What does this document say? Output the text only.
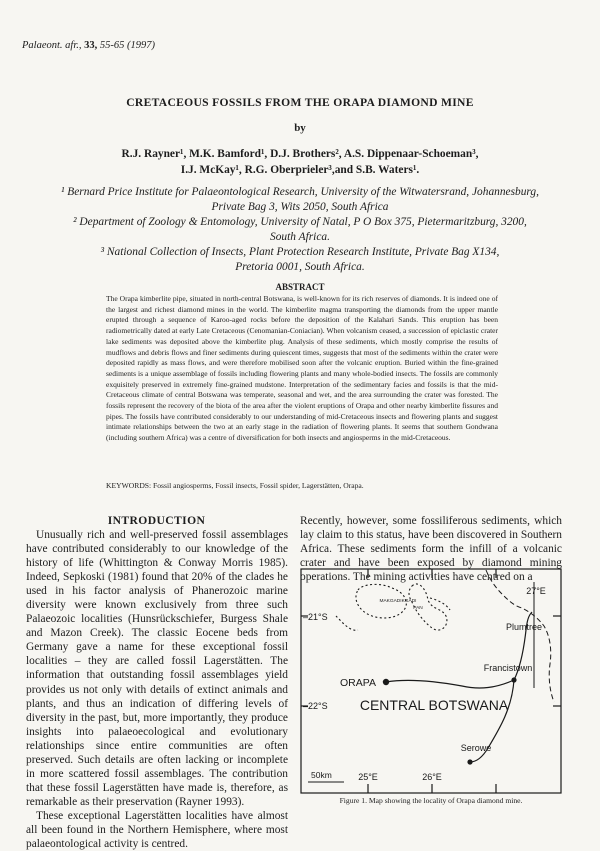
Palaeont. afr., 33, 55-65 (1997)
CRETACEOUS FOSSILS FROM THE ORAPA DIAMOND MINE
by
R.J. Rayner¹, M.K. Bamford¹, D.J. Brothers², A.S. Dippenaar-Schoeman³,
I.J. McKay¹, R.G. Oberprieler³,and S.B. Waters¹.
¹ Bernard Price Institute for Palaeontological Research, University of the Witwatersrand, Johannesburg,
Private Bag 3, Wits 2050, South Africa
² Department of Zoology & Entomology, University of Natal, P O Box 375, Pietermaritzburg, 3200,
South Africa.
³ National Collection of Insects, Plant Protection Research Institute, Private Bag X134,
Pretoria 0001, South Africa.
ABSTRACT
The Orapa kimberlite pipe, situated in north-central Botswana, is well-known for its rich reserves of diamonds. It is indeed one of the largest and richest diamond mines in the world. The kimberlite magma transporting the diamonds from the upper mantle erupted through a sequence of Karoo-aged rocks before the deposition of the Kalahari Sands. This eruption has been radiometrically dated at early Late Cretaceous (Cenomanian-Coniacian). When volcanism ceased, a succession of epiclastic crater lake sediments was deposited above the kimberlite plug. Analysis of these sediments, which mostly comprise the results of mudflows and debris flows and finer sediments during quiescent times, suggests that most of the sediments within the crater were deposited rapidly as mass flows, and were therefore mobilised soon after the volcanic eruption. Buried within the fine-grained sediments is a unique assemblage of fossils including flowering plants and many whole-bodied insects. The fossils are commonly exquisitely preserved in extremely fine-grained mudstone. Interpretation of the sedimentary facies and fossils is that the mid-Cretaceous climate of central Botswana was temperate, seasonal and wet, and the area surrounding the crater was forested. The fossils represent the recovery of the biota of the area after the violent eruptions of Orapa and other nearby kimberlite fissures and pipes. The fossils have contributed considerably to our understanding of mid-Cretaceous insects and flowering plants and suggest intimate relationships between the two at an early stage in the radiation of flowering plants. It seems that southern Gondwana (including southern Africa) was a centre of diversification for both insects and angiosperms in the mid-Cretaceous.
KEYWORDS: Fossil angiosperms, Fossil insects, Fossil spider, Lagerstätten, Orapa.
INTRODUCTION

Unusually rich and well-preserved fossil assemblages have contributed considerably to our knowledge of the history of life (Whittington & Conway Morris 1985). Indeed, Sepkoski (1981) found that 20% of the clades he used in his factor analysis of Phanerozoic marine diversity were known exclusively from three such Palaeozoic localities (Hunsrückschiefer, Burgess Shale and Mazon Creek). The classic Eocene beds from Germany gave a name for these exceptional fossil localities – they are called fossil Lagerstätten. The information that outstanding fossil assemblages yield provides us not only with details of extinct animals and plants, and thus an indication of differing levels of diversity in the past, but, more importantly, they produce insights into palaeoecological and evolutionary relationships since entire communities are often preserved. Such details are often lacking or incomplete in more scattered fossil assemblages. The contribution that these fossil Lagerstätten have made is, therefore, as remarkable as their preservation (Rayner 1993).

These exceptional Lagerstätten localities have almost all been found in the Northern Hemisphere, where most palaeontological activity is centred.

Recently, however, some fossiliferous sediments, which lay claim to this status, have been discovered in Southern Africa. These sediments form the infill of a volcanic crater and have been exposed by diamond mining operations. The mining activities have centred on a

27°E
–21°S
–22°S
MAKGADIKGADI
PAN
Plumtree
ORAPA
Francistown
CENTRAL BOTSWANA
Serowe
50km	25°E	26°E
Figure 1. Map showing the locality of Orapa diamond mine.
